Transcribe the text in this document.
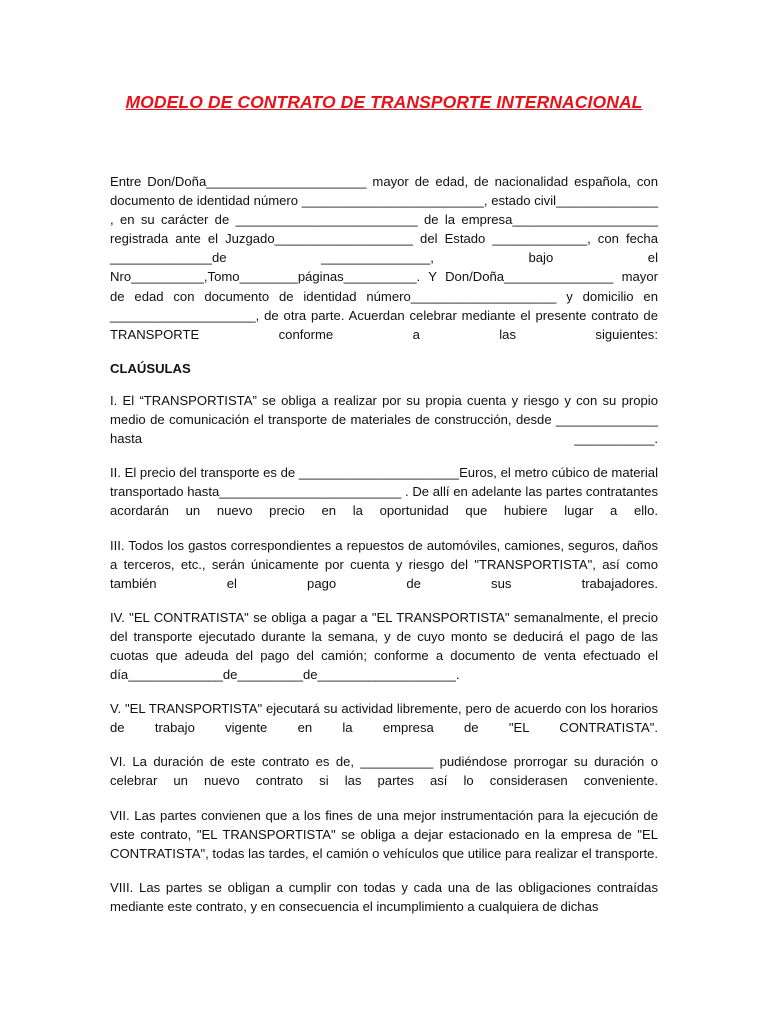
MODELO DE CONTRATO DE TRANSPORTE INTERNACIONAL

Entre Don/Doña______________________ mayor de edad, de nacionalidad española, con documento de identidad número _________________________, estado civil______________ , en su carácter de _________________________ de la empresa____________________ registrada ante el Juzgado___________________ del Estado _____________, con fecha ______________de _______________, bajo el Nro__________,Tomo________páginas__________. Y Don/Doña_______________ mayor de edad con documento de identidad número____________________ y domicilio en ____________________, de otra parte. Acuerdan celebrar mediante el presente contrato de TRANSPORTE conforme a las siguientes:

CLAÚSULAS

I. El “TRANSPORTISTA” se obliga a realizar por su propia cuenta y riesgo y con su propio medio de comunicación el transporte de materiales de construcción, desde ______________ hasta ___________.

II. El precio del transporte es de ______________________Euros, el metro cúbico de material transportado hasta_________________________ . De allí en adelante las partes contratantes acordarán un nuevo precio en la oportunidad que hubiere lugar a ello.

III. Todos los gastos correspondientes a repuestos de automóviles, camiones, seguros, daños a terceros, etc., serán únicamente por cuenta y riesgo del "TRANSPORTISTA", así como también el pago de sus trabajadores.

IV. "EL CONTRATISTA" se obliga a pagar a "EL TRANSPORTISTA" semanalmente, el precio del transporte ejecutado durante la semana, y de cuyo monto se deducirá el pago de las cuotas que adeuda del pago del camión; conforme a documento de venta efectuado el día_____________de_________de___________________.

V. "EL TRANSPORTISTA" ejecutará su actividad libremente, pero de acuerdo con los horarios de trabajo vigente en la empresa de "EL CONTRATISTA".

VI. La duración de este contrato es de, __________ pudiéndose prorrogar su duración o celebrar un nuevo contrato si las partes así lo considerasen conveniente.

VII. Las partes convienen que a los fines de una mejor instrumentación para la ejecución de este contrato, "EL TRANSPORTISTA" se obliga a dejar estacionado en la empresa de "EL CONTRATISTA", todas las tardes, el camión o vehículos que utilice para realizar el transporte.

VIII. Las partes se obligan a cumplir con todas y cada una de las obligaciones contraídas mediante este contrato, y en consecuencia el incumplimiento a cualquiera de dichas
